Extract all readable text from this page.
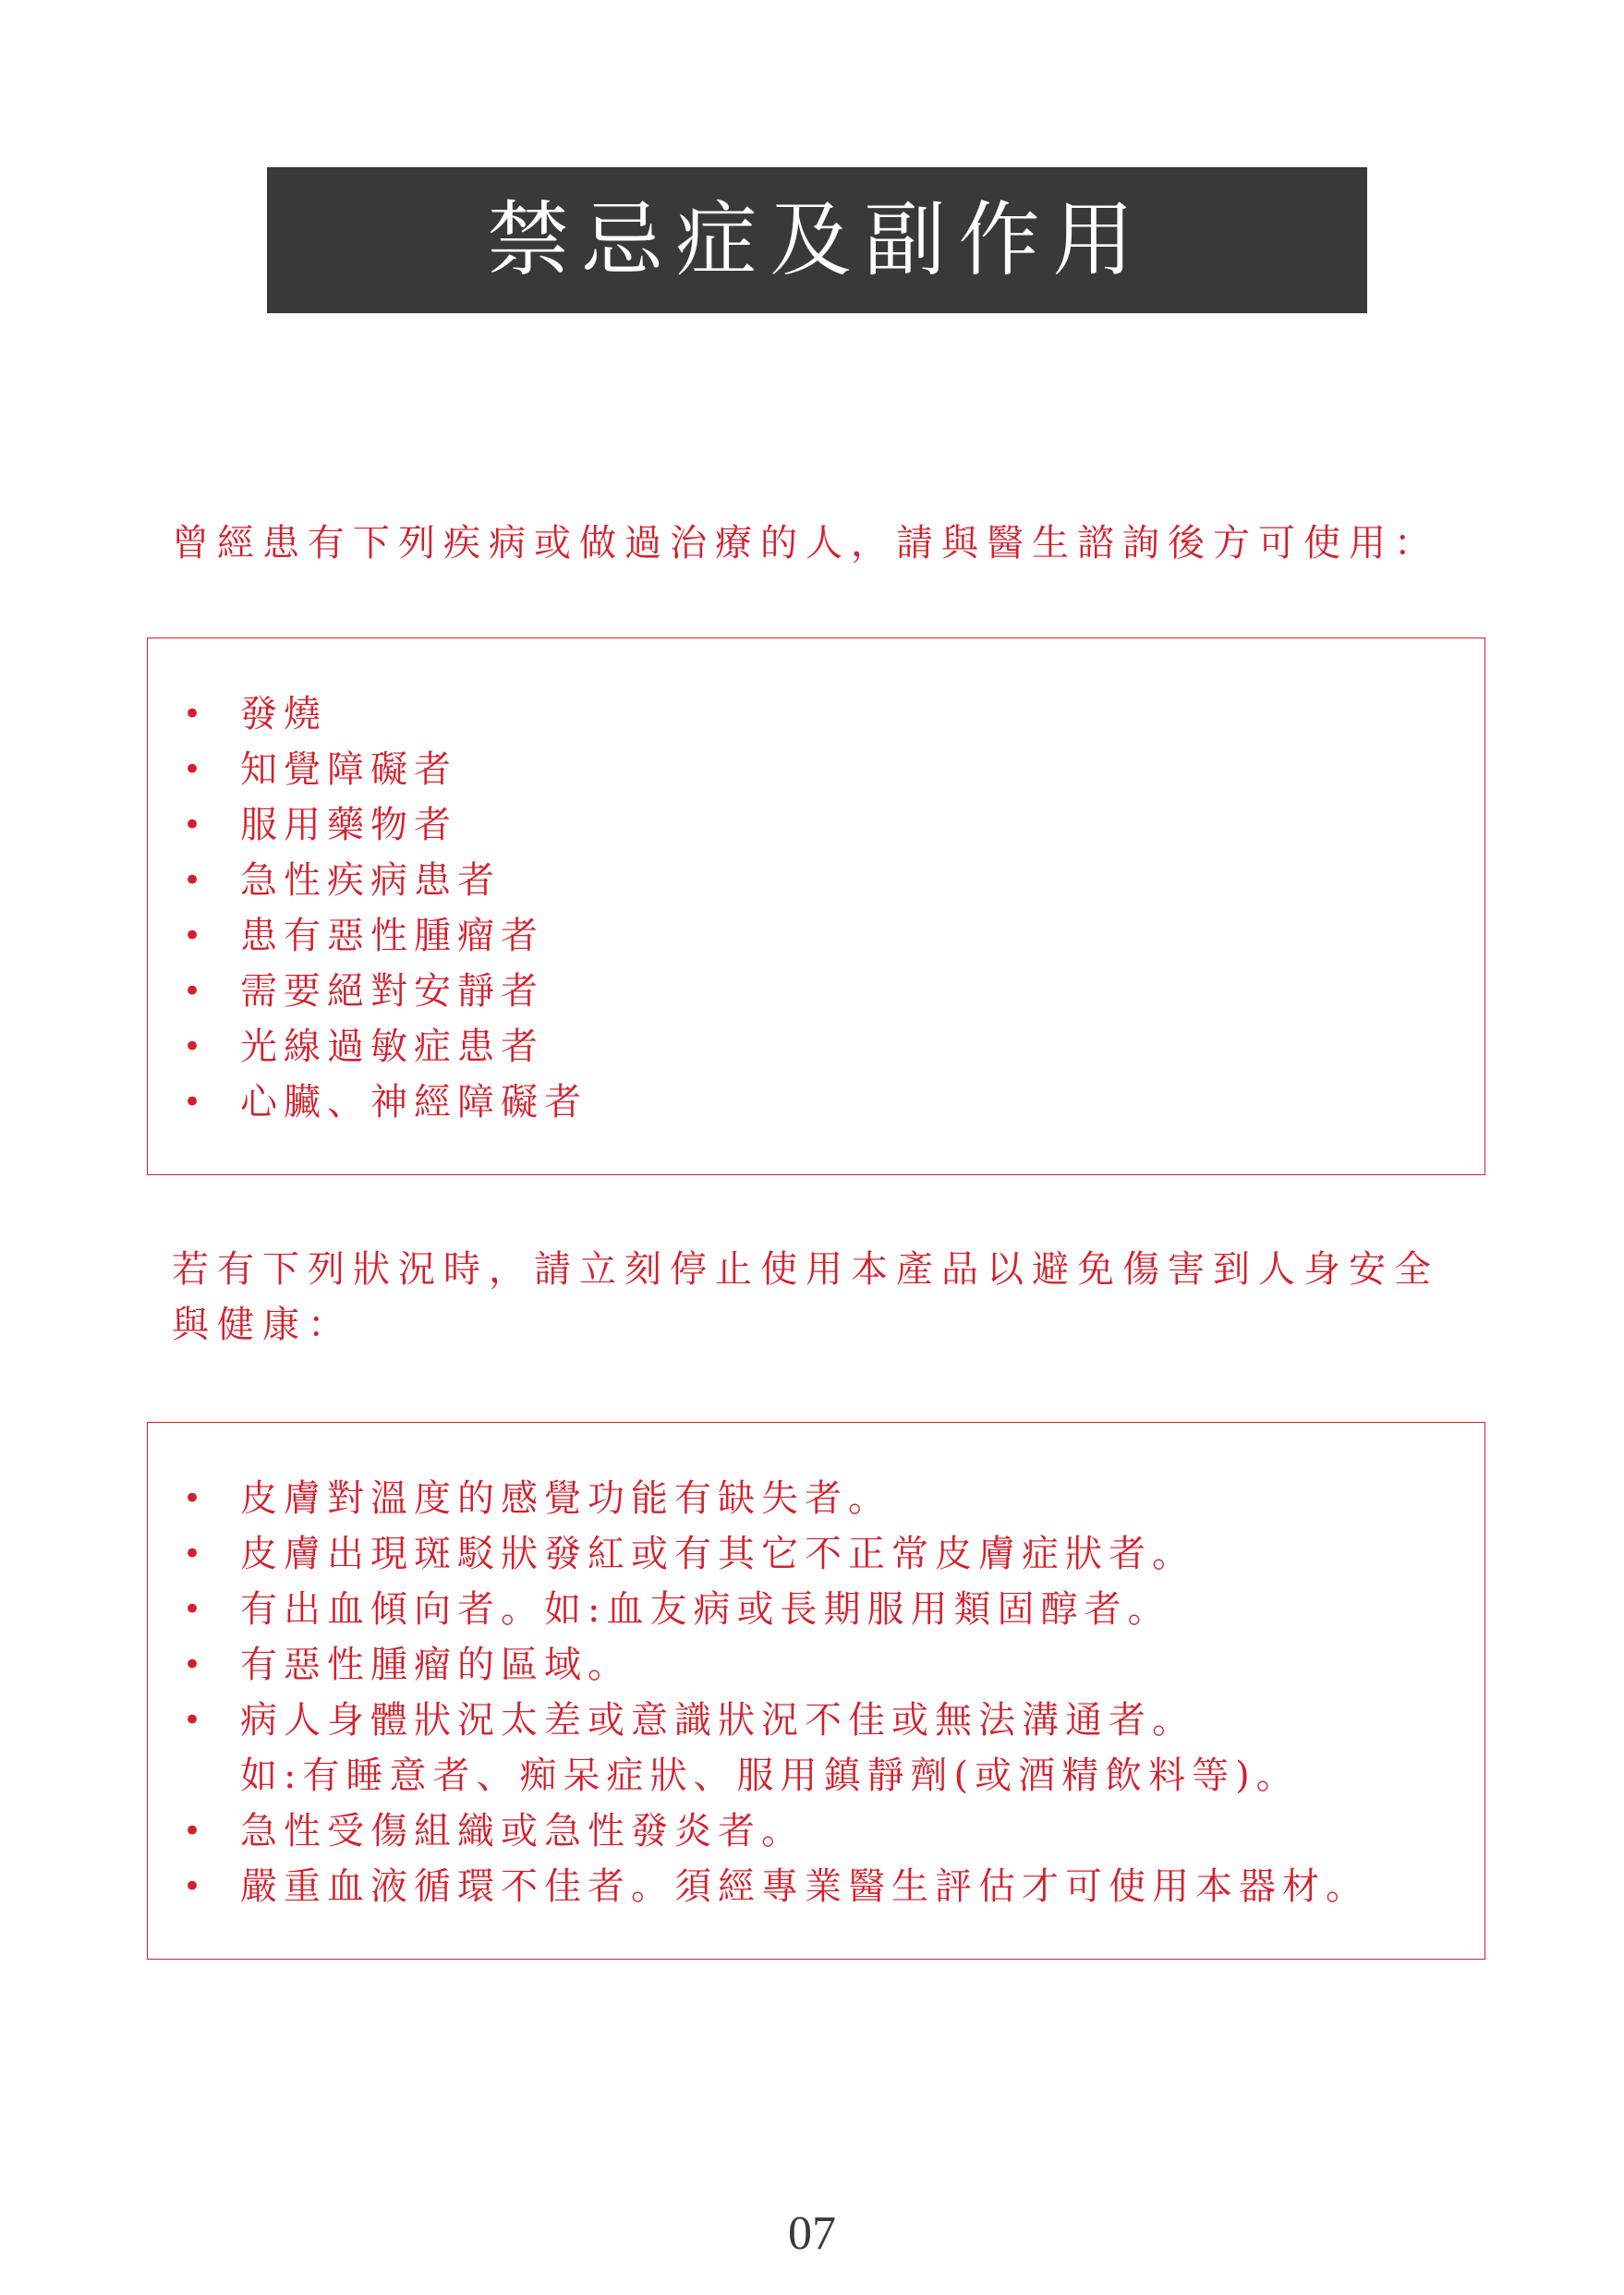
禁忌症及副作用
曾經患有下列疾病或做過治療的人，請與醫生諮詢後方可使用：
• 發燒
• 知覺障礙者
• 服用藥物者
• 急性疾病患者
• 患有惡性腫瘤者
• 需要絕對安靜者
• 光線過敏症患者
• 心臟、神經障礙者
若有下列狀況時，請立刻停止使用本產品以避免傷害到人身安全與健康：
• 皮膚對溫度的感覺功能有缺失者。
• 皮膚出現斑駁狀發紅或有其它不正常皮膚症狀者。
• 有出血傾向者。如:血友病或長期服用類固醇者。
• 有惡性腫瘤的區域。
• 病人身體狀況太差或意識狀況不佳或無法溝通者。
如:有睡意者、痴呆症狀、服用鎮靜劑(或酒精飲料等)。
• 急性受傷組織或急性發炎者。
• 嚴重血液循環不佳者。須經專業醫生評估才可使用本器材。
07
